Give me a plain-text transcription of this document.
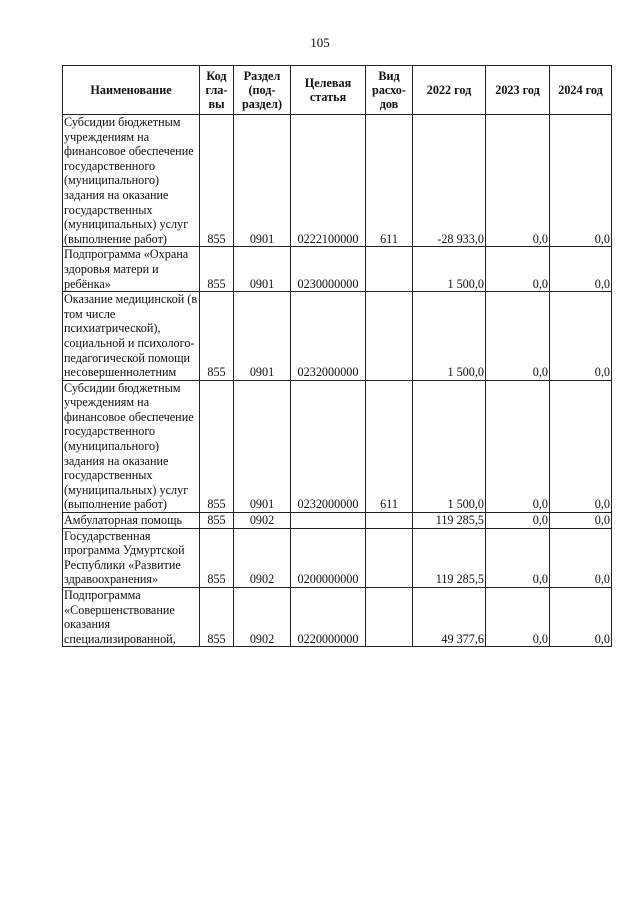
105
Наименование	Код гла-вы	Раздел (под-раздел)	Целевая статья	Вид расхо-дов	2022 год	2023 год	2024 год
Субсидии бюджетным учреждениям на финансовое обеспечение государственного (муниципального) задания на оказание государственных (муниципальных) услуг (выполнение работ)	855	0901	0222100000	611	-28 933,0	0,0	0,0
Подпрограмма «Охрана здоровья матери и ребёнка»	855	0901	0230000000		1 500,0	0,0	0,0
Оказание медицинской (в том числе психиатрической), социальной и психолого-педагогической помощи несовершеннолетним	855	0901	0232000000		1 500,0	0,0	0,0
Субсидии бюджетным учреждениям на финансовое обеспечение государственного (муниципального) задания на оказание государственных (муниципальных) услуг (выполнение работ)	855	0901	0232000000	611	1 500,0	0,0	0,0
Амбулаторная помощь	855	0902			119 285,5	0,0	0,0
Государственная программа Удмуртской Республики «Развитие здравоохранения»	855	0902	0200000000		119 285,5	0,0	0,0
Подпрограмма «Совершенствование оказания специализированной,	855	0902	0220000000		49 377,6	0,0	0,0
